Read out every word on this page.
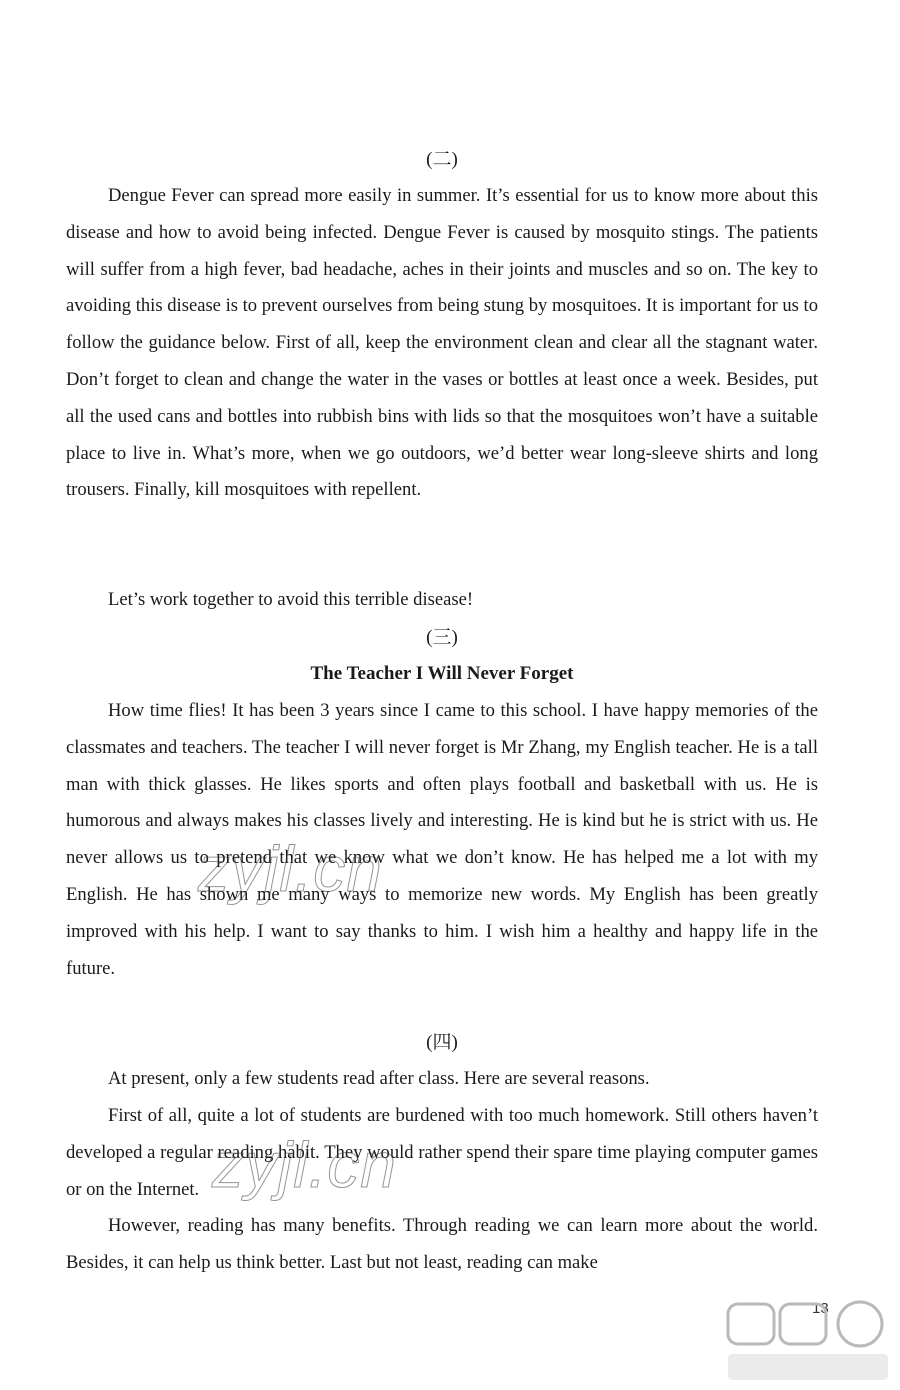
(二)

Dengue Fever can spread more easily in summer. It’s essential for us to know more about this disease and how to avoid being infected. Dengue Fever is caused by mosquito stings. The patients will suffer from a high fever, bad headache, aches in their joints and muscles and so on. The key to avoiding this disease is to prevent ourselves from being stung by mosquitoes. It is important for us to follow the guidance below. First of all, keep the environment clean and clear all the stagnant water. Don’t forget to clean and change the water in the vases or bottles at least once a week. Besides, put all the used cans and bottles into rubbish bins with lids so that the mosquitoes won’t have a suitable place to live in. What’s more, when we go outdoors, we’d better wear long-sleeve shirts and long trousers. Finally, kill mosquitoes with repellent.

Let’s work together to avoid this terrible disease!

(三)
The Teacher I Will Never Forget

How time flies! It has been 3 years since I came to this school. I have happy memories of the classmates and teachers. The teacher I will never forget is Mr Zhang, my English teacher. He is a tall man with thick glasses. He likes sports and often plays football and basketball with us. He is humorous and always makes his classes lively and interesting. He is kind but he is strict with us. He never allows us to pretend that we know what we don’t know. He has helped me a lot with my English. He has shown me many ways to memorize new words. My English has been greatly improved with his help. I want to say thanks to him. I wish him a healthy and happy life in the future.

(四)

At present, only a few students read after class. Here are several reasons.

First of all, quite a lot of students are burdened with too much homework. Still others haven’t developed a regular reading habit. They would rather spend their spare time playing computer games or on the Internet.

However, reading has many benefits. Through reading we can learn more about the world. Besides, it can help us think better. Last but not least, reading can make

zyjl.cn
zyjl.cn
13
